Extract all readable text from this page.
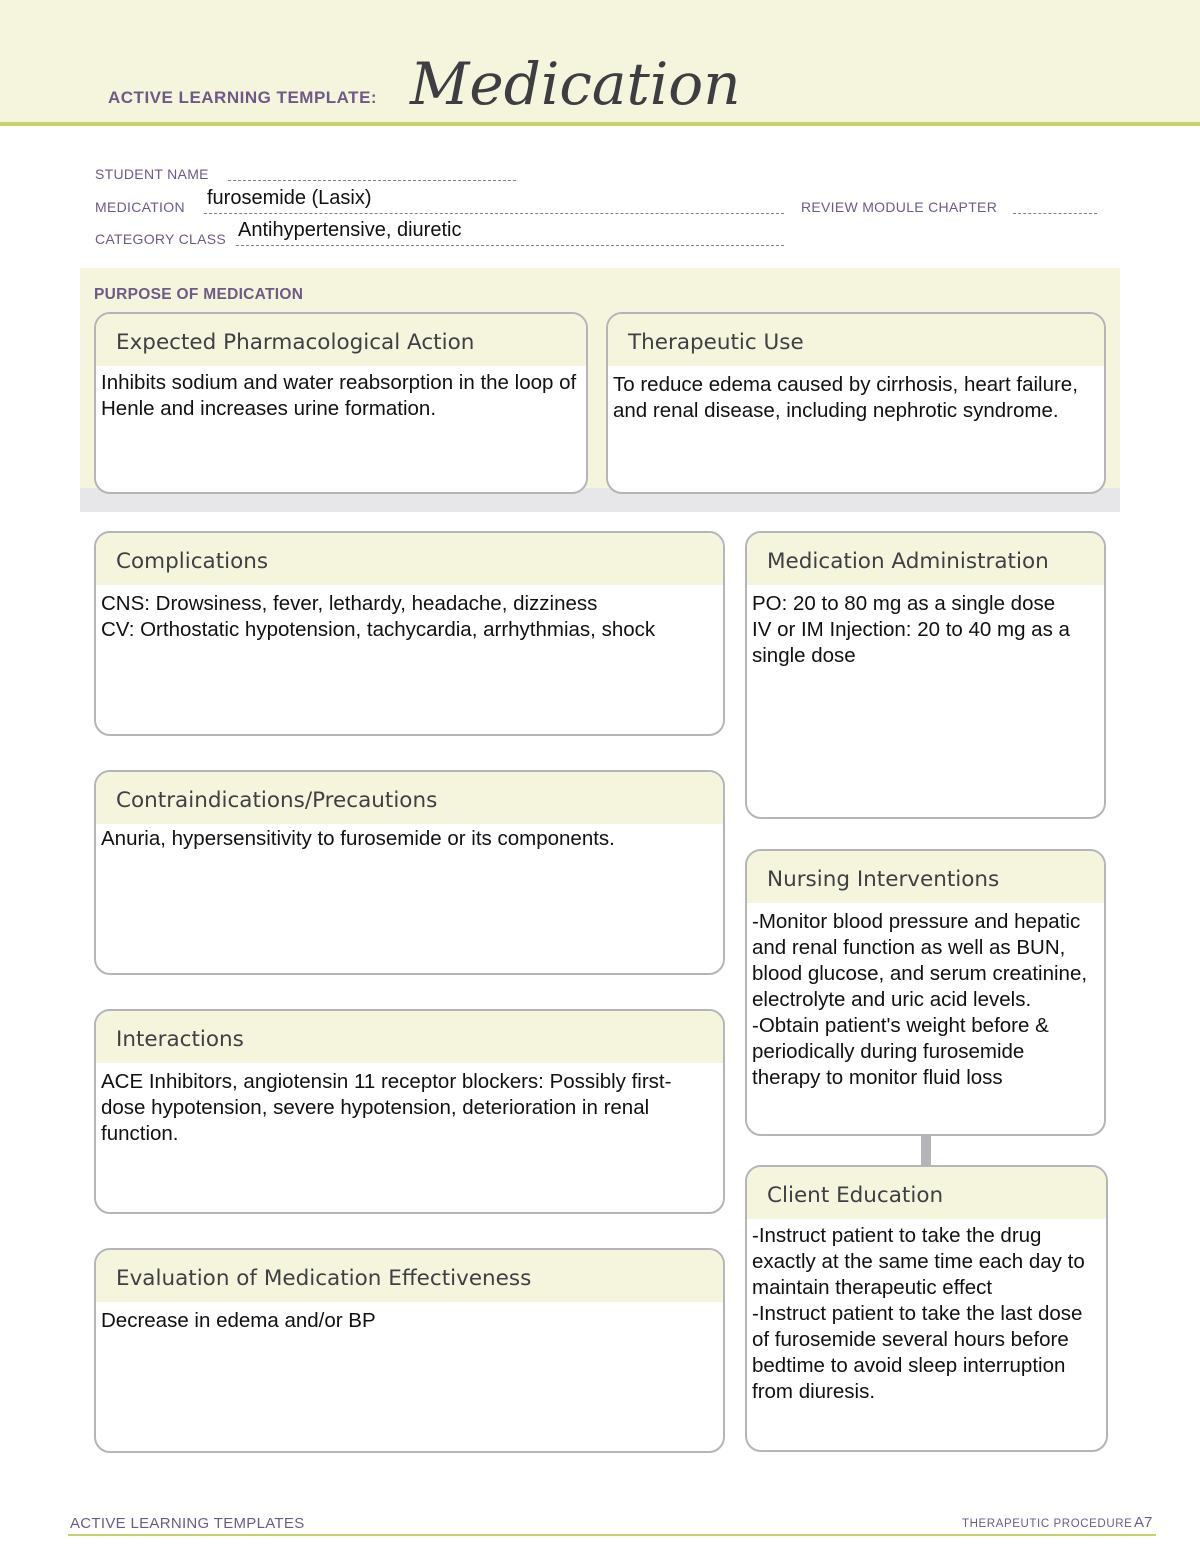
ACTIVE LEARNING TEMPLATE: Medication
STUDENT NAME
MEDICATION furosemide (Lasix)	REVIEW MODULE CHAPTER
CATEGORY CLASS Antihypertensive, diuretic
PURPOSE OF MEDICATION
Expected Pharmacological Action
Inhibits sodium and water reabsorption in the loop of Henle and increases urine formation.
Therapeutic Use
To reduce edema caused by cirrhosis, heart failure, and renal disease, including nephrotic syndrome.
Complications
CNS: Drowsiness, fever, lethardy, headache, dizziness
CV: Orthostatic hypotension, tachycardia, arrhythmias, shock
Contraindications/Precautions
Anuria, hypersensitivity to furosemide or its components.
Interactions
ACE Inhibitors, angiotensin 11 receptor blockers: Possibly first-dose hypotension, severe hypotension, deterioration in renal function.
Evaluation of Medication Effectiveness
Decrease in edema and/or BP
Medication Administration
PO: 20 to 80 mg as a single dose
IV or IM Injection: 20 to 40 mg as a single dose
Nursing Interventions
-Monitor blood pressure and hepatic and renal function as well as BUN, blood glucose, and serum creatinine, electrolyte and uric acid levels.
-Obtain patient's weight before & periodically during furosemide therapy to monitor fluid loss
Client Education
-Instruct patient to take the drug exactly at the same time each day to maintain therapeutic effect
-Instruct patient to take the last dose of furosemide several hours before bedtime to avoid sleep interruption from diuresis.
ACTIVE LEARNING TEMPLATES	THERAPEUTIC PROCEDURE A7
